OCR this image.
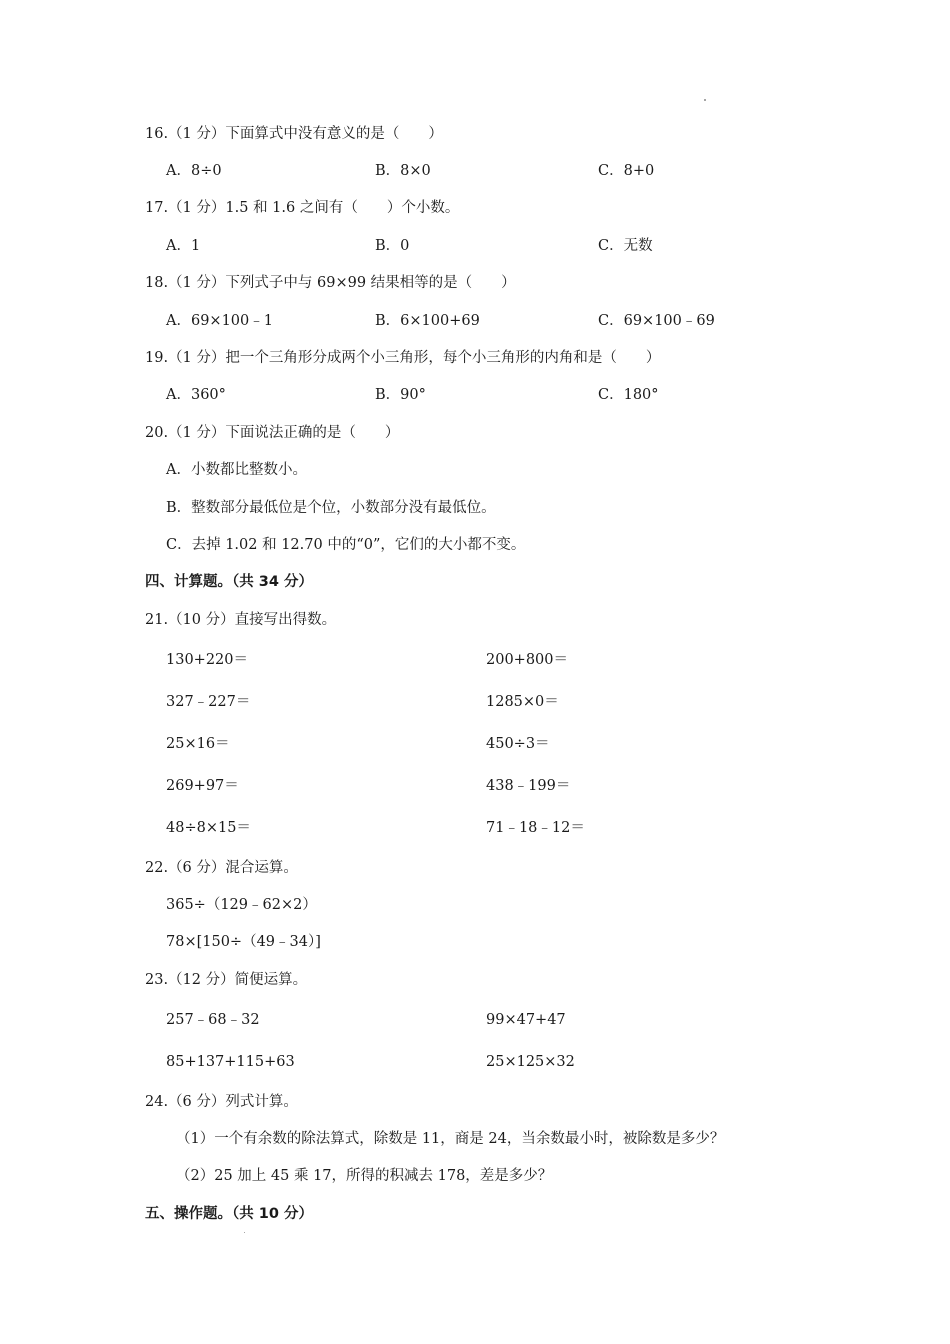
16.（1 分）下面算式中没有意义的是（　　）
A．8÷0	B．8×0	C．8+0
17.（1 分）1.5 和 1.6 之间有（　　）个小数。
A．1	B．0	C．无数
18.（1 分）下列式子中与 69×99 结果相等的是（　　）
A．69×100﹣1	B．6×100+69	C．69×100﹣69
19.（1 分）把一个三角形分成两个小三角形，每个小三角形的内角和是（　　）
A．360°	B．90°	C．180°
20.（1 分）下面说法正确的是（　　）
A．小数都比整数小。
B．整数部分最低位是个位，小数部分没有最低位。
C．去掉 1.02 和 12.70 中的“0”，它们的大小都不变。
四、计算题。（共 34 分）
21.（10 分）直接写出得数。
130+220＝	200+800＝
327﹣227＝	1285×0＝
25×16＝	450÷3＝
269+97＝	438﹣199＝
48÷8×15＝	71﹣18﹣12＝
22.（6 分）混合运算。
365÷（129﹣62×2）
78×[150÷（49﹣34）]
23.（12 分）简便运算。
257﹣68﹣32	99×47+47
85+137+115+63	25×125×32
24.（6 分）列式计算。
（1）一个有余数的除法算式，除数是 11，商是 24，当余数最小时，被除数是多少？
（2）25 加上 45 乘 17，所得的积减去 178，差是多少？
五、操作题。（共 10 分）
